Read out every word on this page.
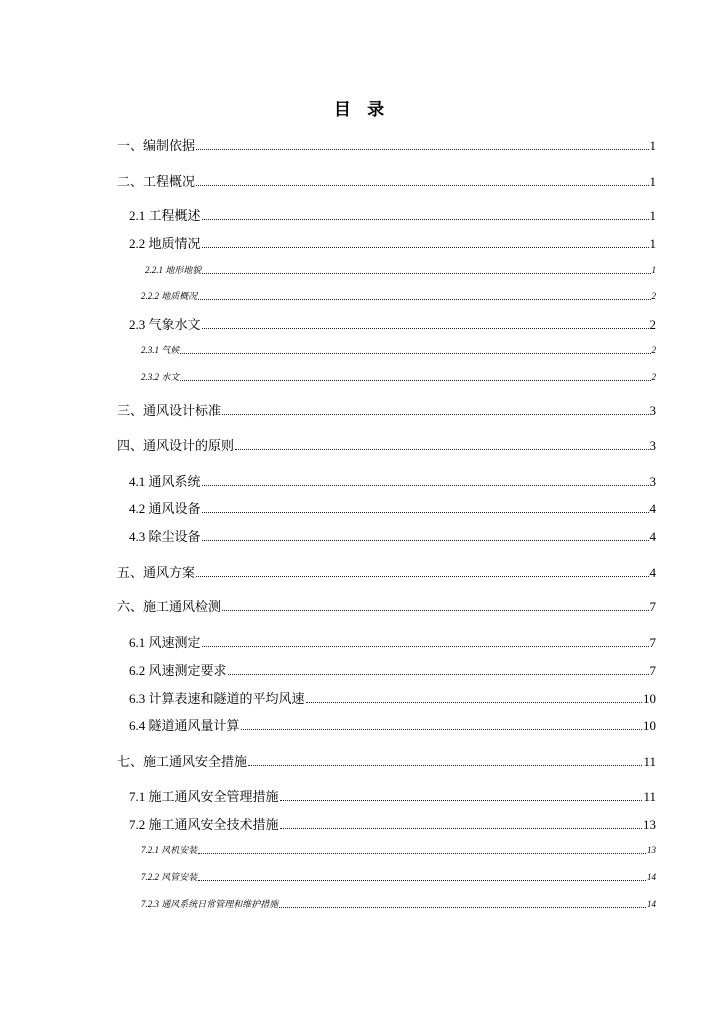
目 录
一、编制依据	1
二、工程概况	1
2.1 工程概述	1
2.2 地质情况	1
2.2.1 地形地貌	1
2.2.2 地质概况	2
2.3 气象水文	2
2.3.1 气候	2
2.3.2 水文	2
三、通风设计标准	3
四、通风设计的原则	3
4.1 通风系统	3
4.2 通风设备	4
4.3 除尘设备	4
五、通风方案	4
六、施工通风检测	7
6.1 风速测定	7
6.2 风速测定要求	7
6.3 计算表速和隧道的平均风速	10
6.4 隧道通风量计算	10
七、施工通风安全措施	11
7.1 施工通风安全管理措施	11
7.2 施工通风安全技术措施	13
7.2.1 风机安装	13
7.2.2 风管安装	14
7.2.3 通风系统日常管理和维护措施	14
